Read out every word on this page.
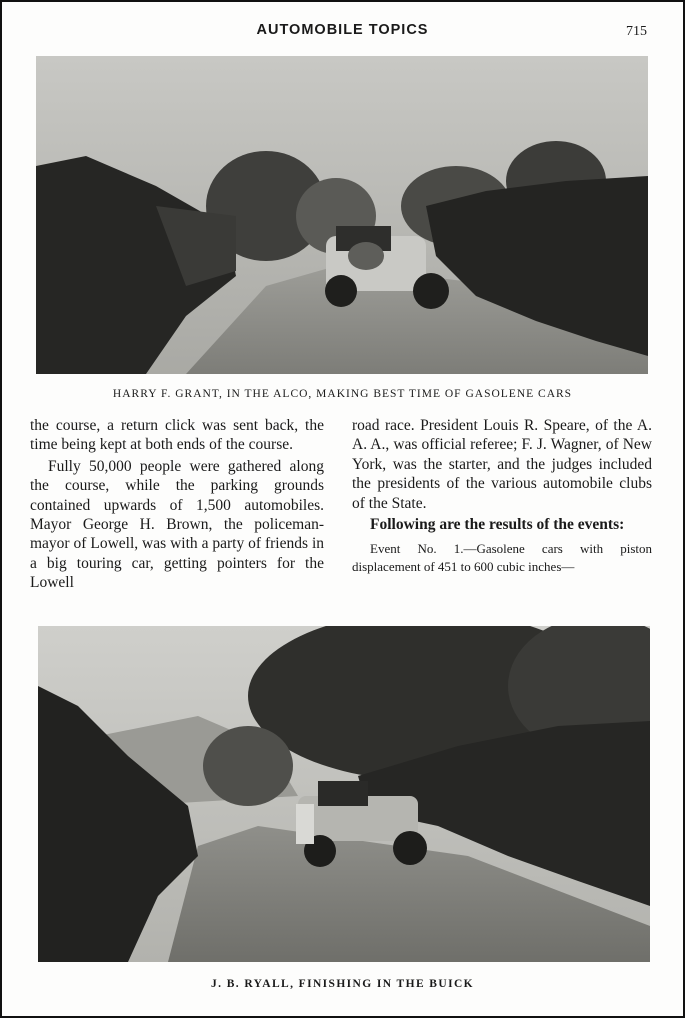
AUTOMOBILE TOPICS	715
HARRY F. GRANT, IN THE ALCO, MAKING BEST TIME OF GASOLENE CARS

the course, a return click was sent back, the time being kept at both ends of the course.

Fully 50,000 people were gathered along the course, while the parking grounds contained upwards of 1,500 automobiles. Mayor George H. Brown, the policeman-mayor of Lowell, was with a party of friends in a big touring car, getting pointers for the Lowell

road race. President Louis R. Speare, of the A. A. A., was official referee; F. J. Wagner, of New York, was the starter, and the judges included the presidents of the various automobile clubs of the State.

Following are the results of the events:

Event No. 1.—Gasolene cars with piston displacement of 451 to 600 cubic inches—

J. B. RYALL, FINISHING IN THE BUICK
